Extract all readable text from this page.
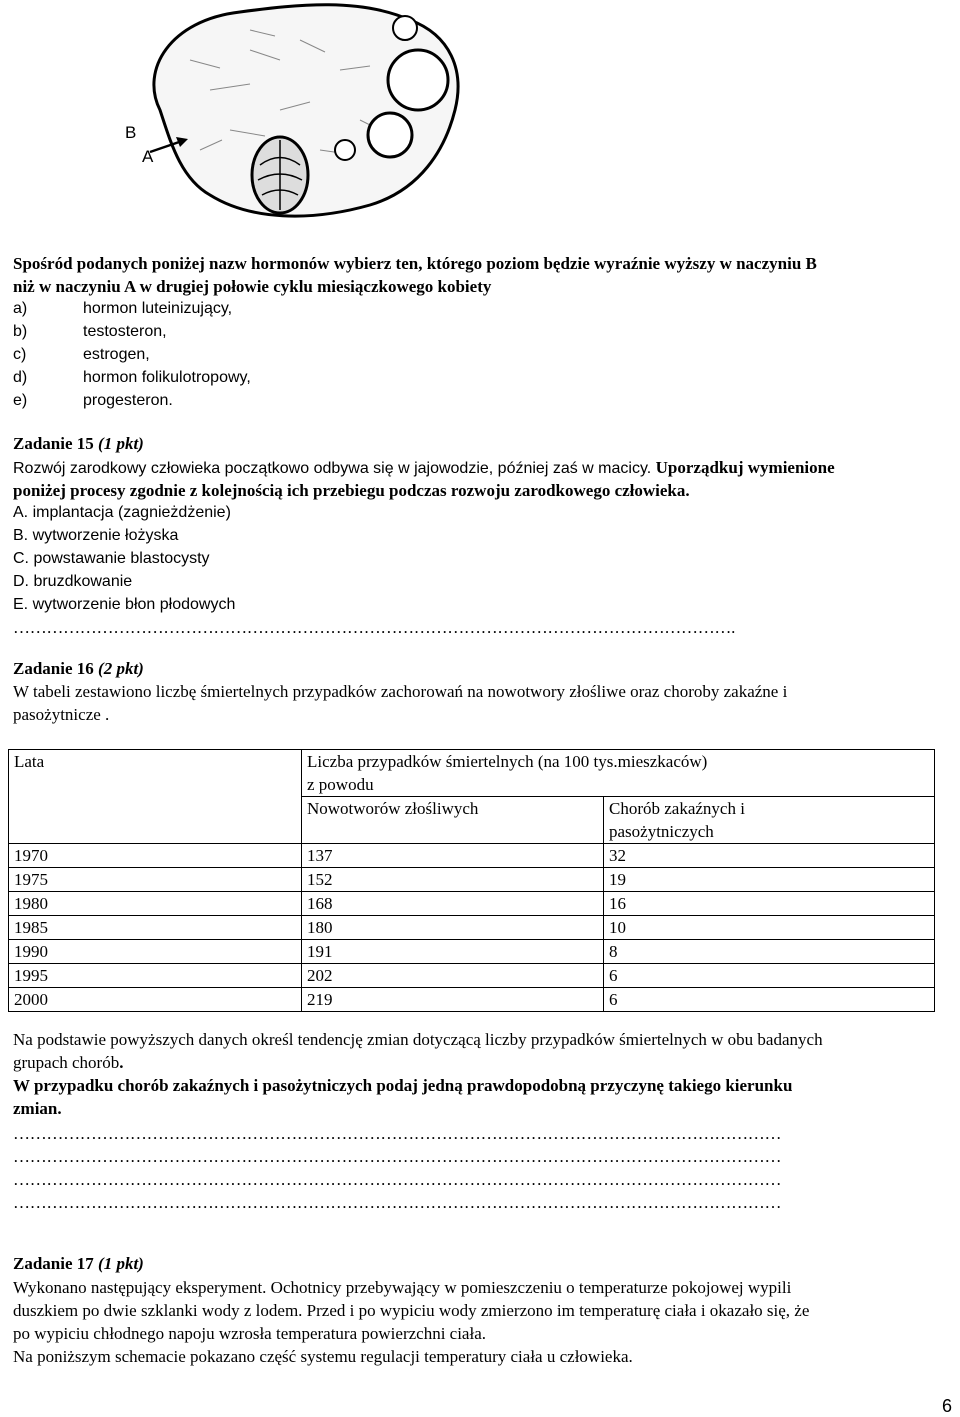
B
A
Spośród podanych poniżej nazw hormonów wybierz ten, którego poziom będzie wyraźnie wyższy w naczyniu B
niż w naczyniu A w drugiej połowie cyklu miesiączkowego kobiety
a)	hormon luteinizujący,
b)	testosteron,
c)	estrogen,
d)	hormon folikulotropowy,
e)	progesteron.
Zadanie 15 (1 pkt)
Rozwój zarodkowy człowieka początkowo odbywa się w jajowodzie, później zaś w macicy. Uporządkuj wymienione
poniżej procesy zgodnie z kolejnością ich przebiegu podczas rozwoju zarodkowego człowieka.
A. implantacja (zagnieżdżenie)
B. wytworzenie łożyska
C. powstawanie blastocysty
D. bruzdkowanie
E. wytworzenie błon płodowych
………………………………………………………………………………………………………………….
Zadanie 16 (2 pkt)
W tabeli zestawiono liczbę śmiertelnych przypadków zachorowań na nowotwory złośliwe oraz choroby zakaźne i
pasożytnicze .
Lata	Liczba przypadków śmiertelnych (na 100 tys.mieszkaców)
z powodu	
	Nowotworów złośliwych	Chorób zakaźnych i
pasożytniczych
1970	137	32
1975	152	19
1980	168	16
1985	180	10
1990	191	8
1995	202	6
2000	219	6
Na podstawie powyższych danych określ tendencję zmian dotyczącą liczby przypadków śmiertelnych w obu badanych
grupach chorób.
W przypadku chorób zakaźnych i pasożytniczych podaj jedną prawdopodobną przyczynę takiego kierunku
zmian.
…………………………………………………………………………………………………………………………
…………………………………………………………………………………………………………………………
…………………………………………………………………………………………………………………………
…………………………………………………………………………………………………………………………
Zadanie 17 (1 pkt)
Wykonano następujący eksperyment. Ochotnicy przebywający w pomieszczeniu o temperaturze pokojowej wypili
duszkiem po dwie szklanki wody z lodem. Przed i po wypiciu wody zmierzono im temperaturę ciała i okazało się, że
po wypiciu chłodnego napoju wzrosła temperatura powierzchni ciała.
Na poniższym schemacie pokazano część systemu regulacji temperatury ciała u człowieka.
6
